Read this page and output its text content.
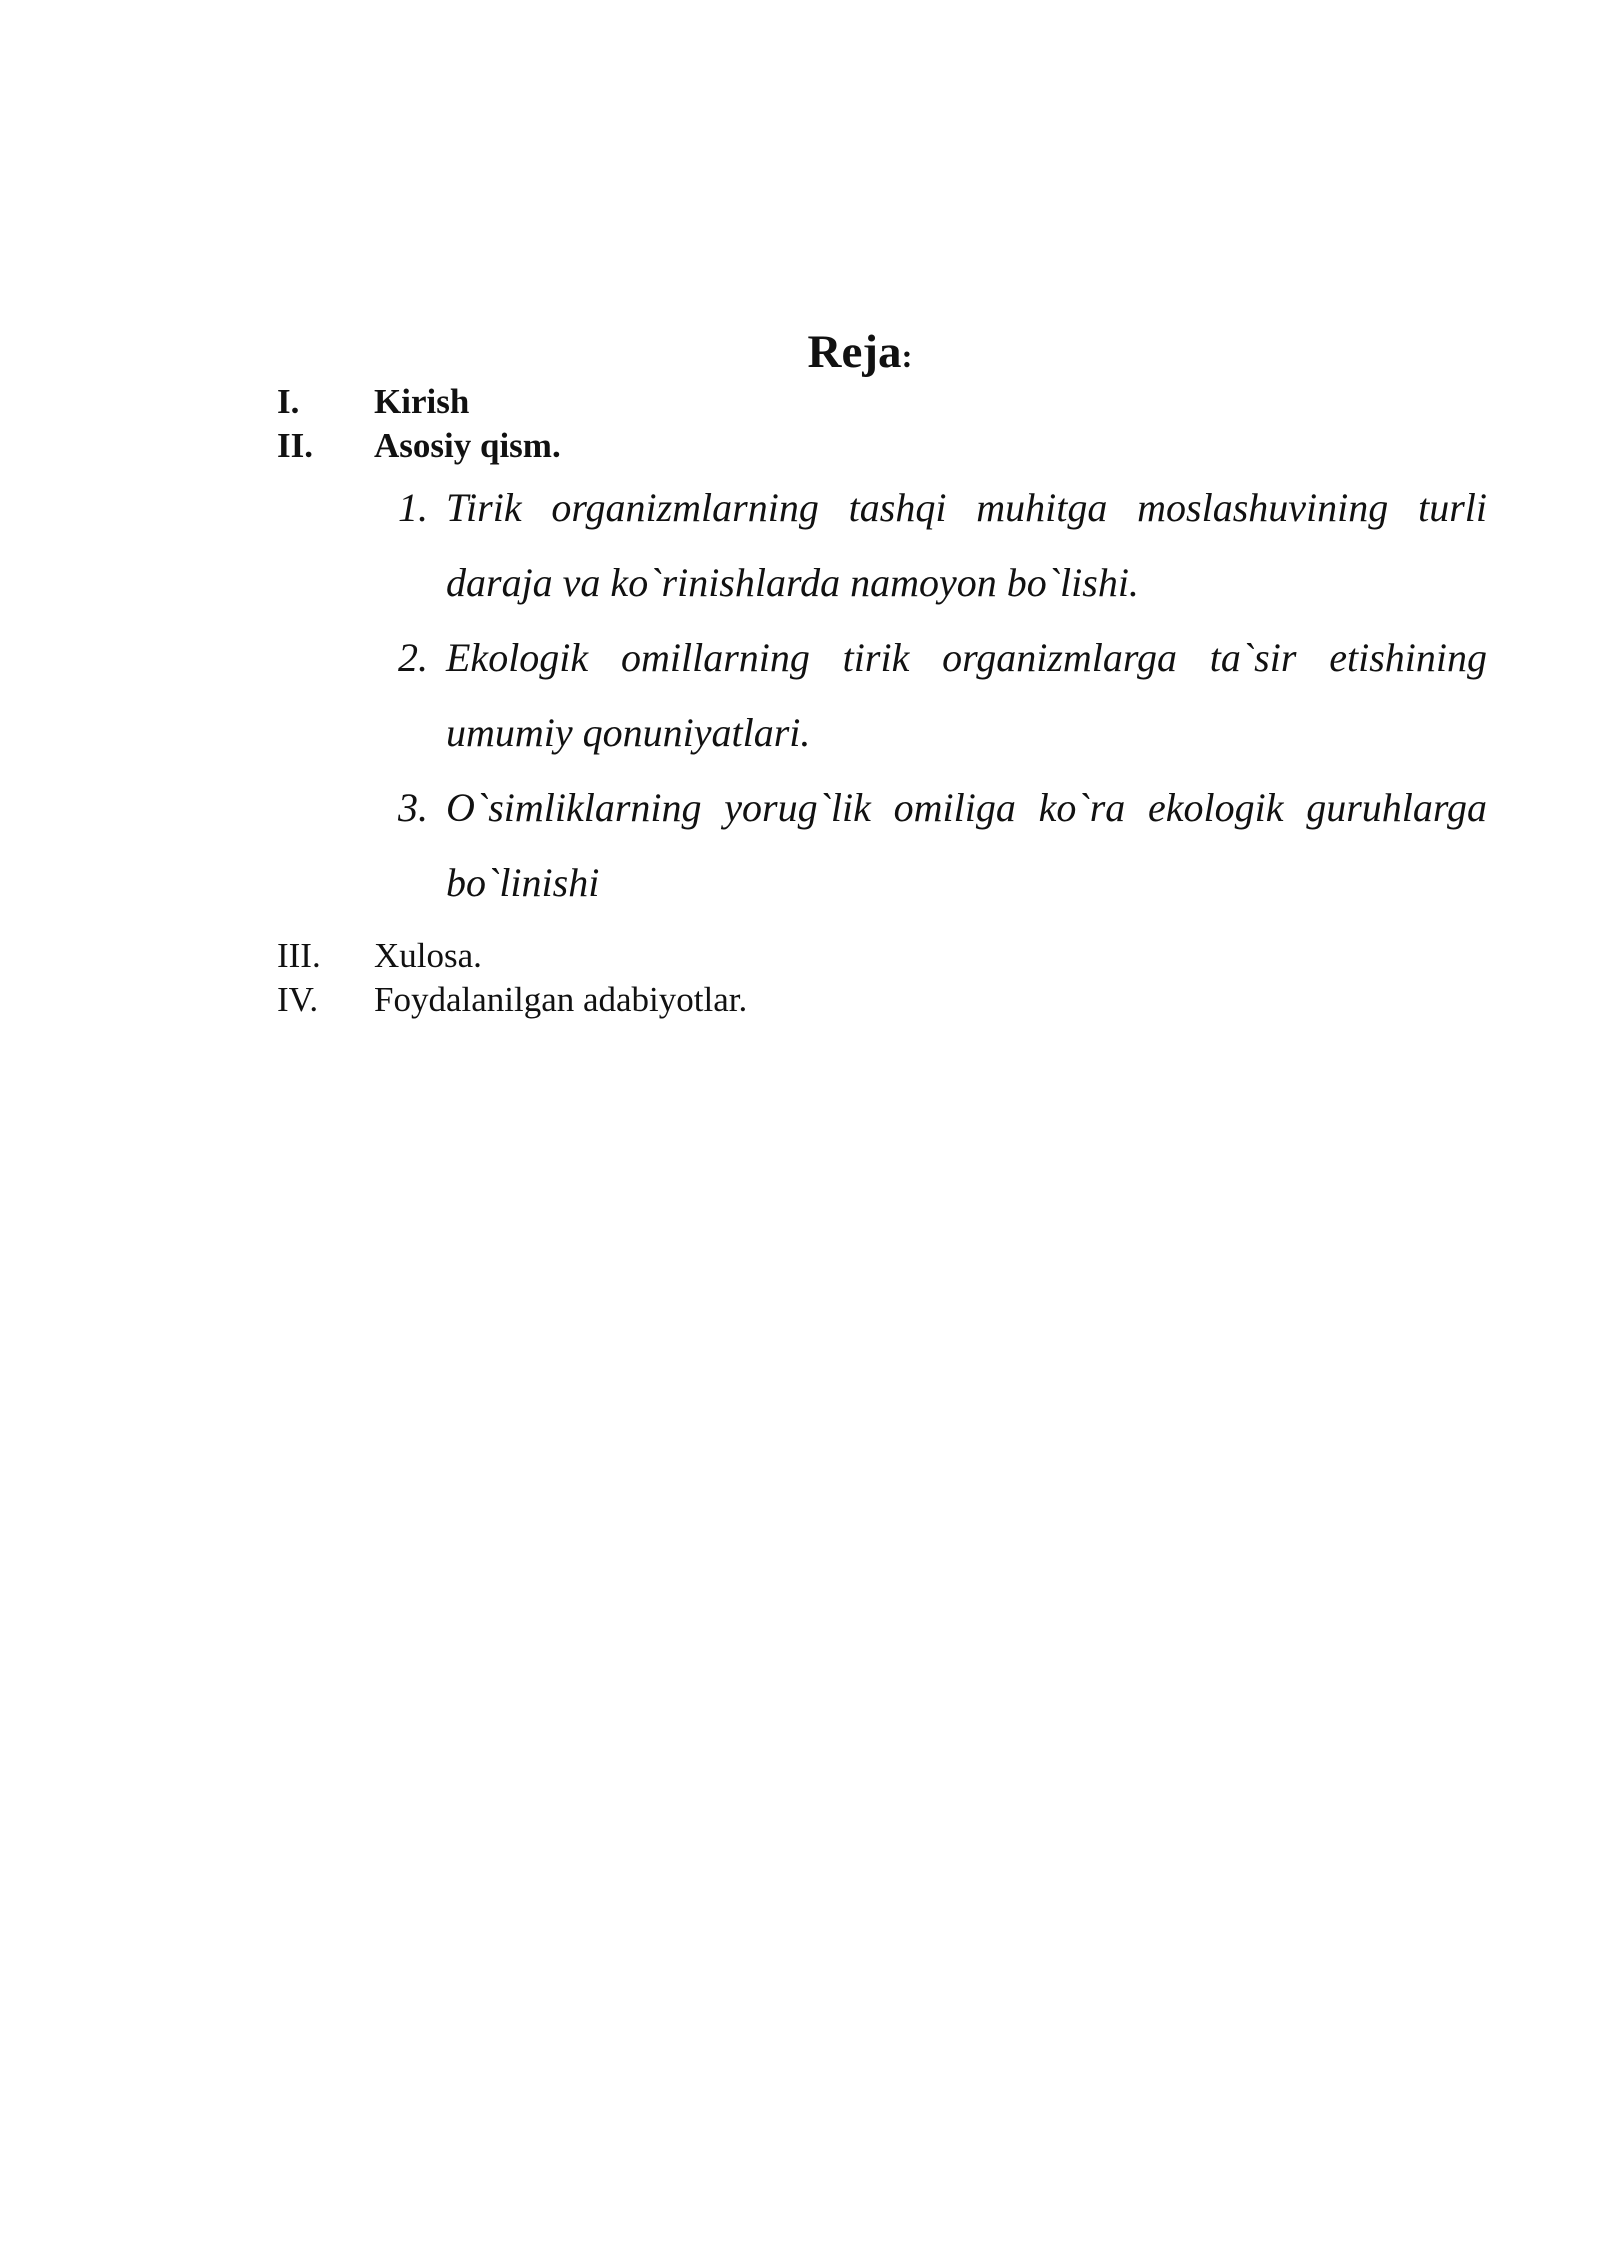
Reja:
I.	Kirish
II.	Asosiy qism.
1. Tirik organizmlarning tashqi muhitga moslashuvining turli daraja va ko`rinishlarda namoyon bo`lishi.
2. Ekologik omillarning tirik organizmlarga ta`sir etishining umumiy qonuniyatlari.
3. O`simliklarning yorug`lik omiliga ko`ra ekologik guruhlarga bo`linishi
III.	Xulosa.
IV.	Foydalanilgan adabiyotlar.
